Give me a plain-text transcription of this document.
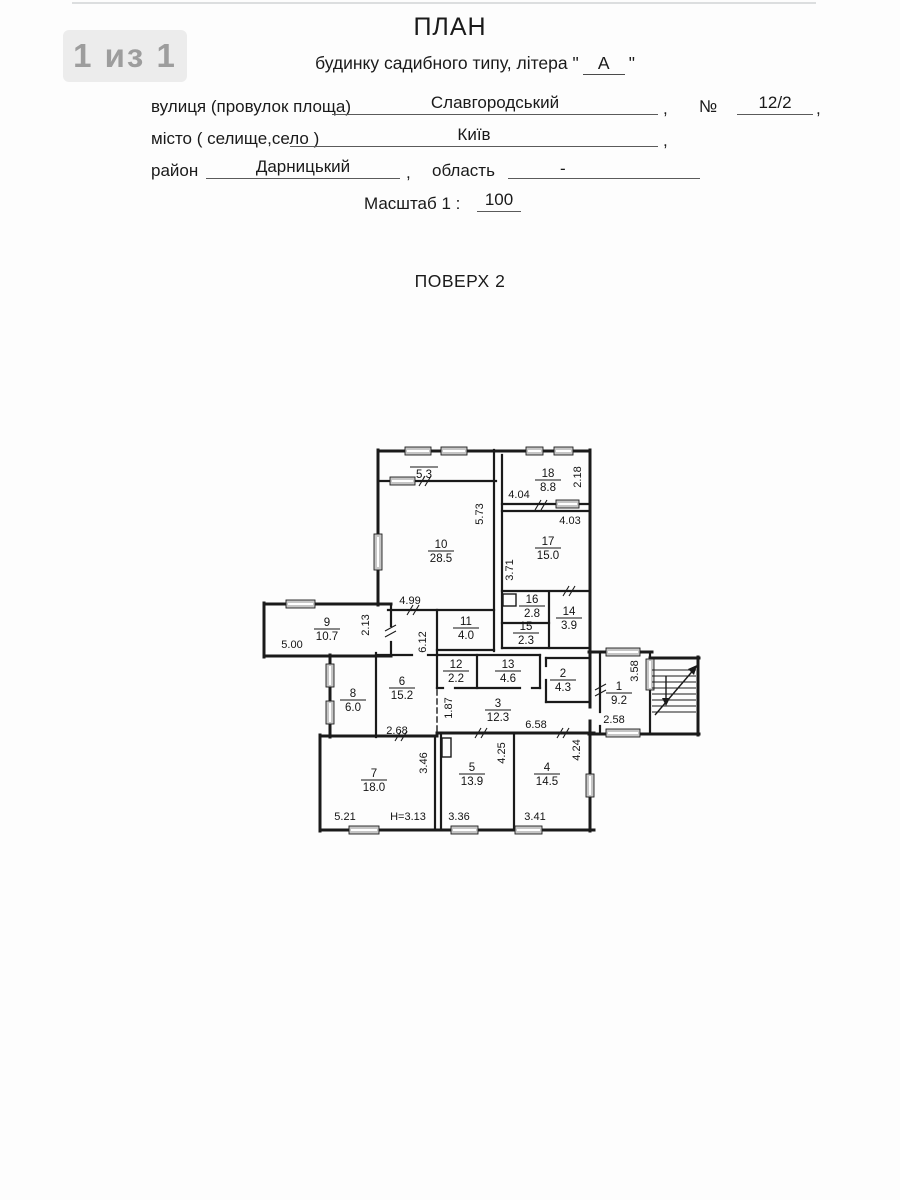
1 из 1
ПЛАН
будинку садибного типу, літера " А "
вулиця (провулок площа)	Славгородський	, №	12/2	,
місто ( селище,село )	Київ	,
район	Дарницький	, область	-
Масштаб 1 :	100
ПОВЕРХ 2
5.3
1
9.2
2
4.3
3
12.3
4
14.5
5
13.9
6
15.2
7
18.0
8
6.0
9
10.7
10
28.5
11
4.0
12
2.2
13
4.6
14
3.9
15
2.3
16
2.8
17
15.0
18
8.8
2.18
4.04
5.73	4.03
3.71
4.99
2.13
5.00	6.12
1.87
2.68
3.46
6.58	2.58
3.58
4.25	4.24
5.21	H=3.13 3.36	3.41
